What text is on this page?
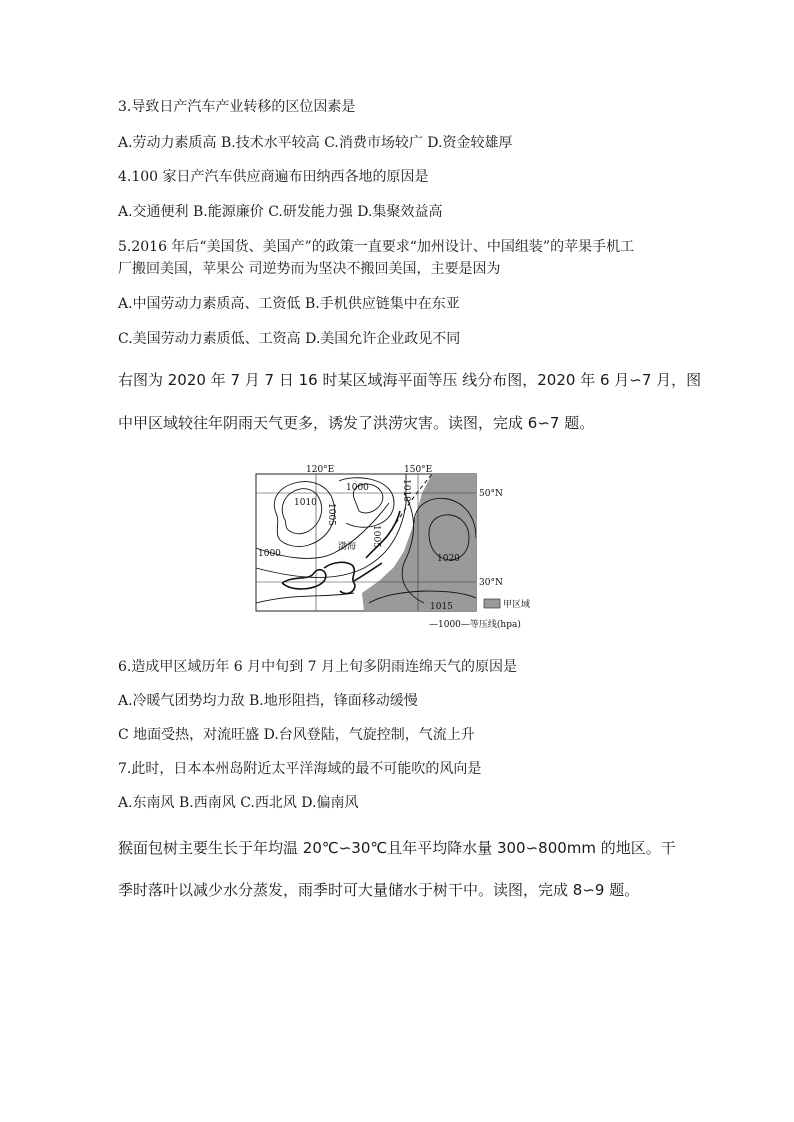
3.导致日产汽车产业转移的区位因素是
A.劳动力素质高 B.技术水平较高 C.消费市场较广 D.资金较雄厚
4.100 家日产汽车供应商遍布田纳西各地的原因是
A.交通便利 B.能源廉价 C.研发能力强 D.集聚效益高
5.2016 年后“美国货、美国产”的政策一直要求“加州设计、中国组装”的苹果手机工
厂搬回美国，苹果公 司逆势而为坚决不搬回美国，主要是因为
A.中国劳动力素质高、工资低 B.手机供应链集中在东亚
C.美国劳动力素质低、工资高 D.美国允许企业政见不同
右图为 2020 年 7 月 7 日 16 时某区域海平面等压 线分布图，2020 年 6 月∽7 月，图
中甲区域较往年阴雨天气更多，诱发了洪涝灾害。读图，完成 6∽7 题。
120°E	150°E
50°N
30°N
1010
1000	1010
1005
1000
1005
1020
1015
渤海
甲区域
—1000—等压线(hpa)
6.造成甲区域历年 6 月中旬到 7 月上旬多阴雨连绵天气的原因是
A.冷暖气团势均力敌 B.地形阻挡，锋面移动缓慢
C 地面受热，对流旺盛 D.台风登陆，气旋控制，气流上升
7.此时，日本本州岛附近太平洋海域的最不可能吹的风向是
A.东南风 B.西南风 C.西北风 D.偏南风
猴面包树主要生长于年均温 20℃∽30℃且年平均降水量 300∽800mm 的地区。干
季时落叶以减少水分蒸发，雨季时可大量储水于树干中。读图，完成 8∽9 题。
